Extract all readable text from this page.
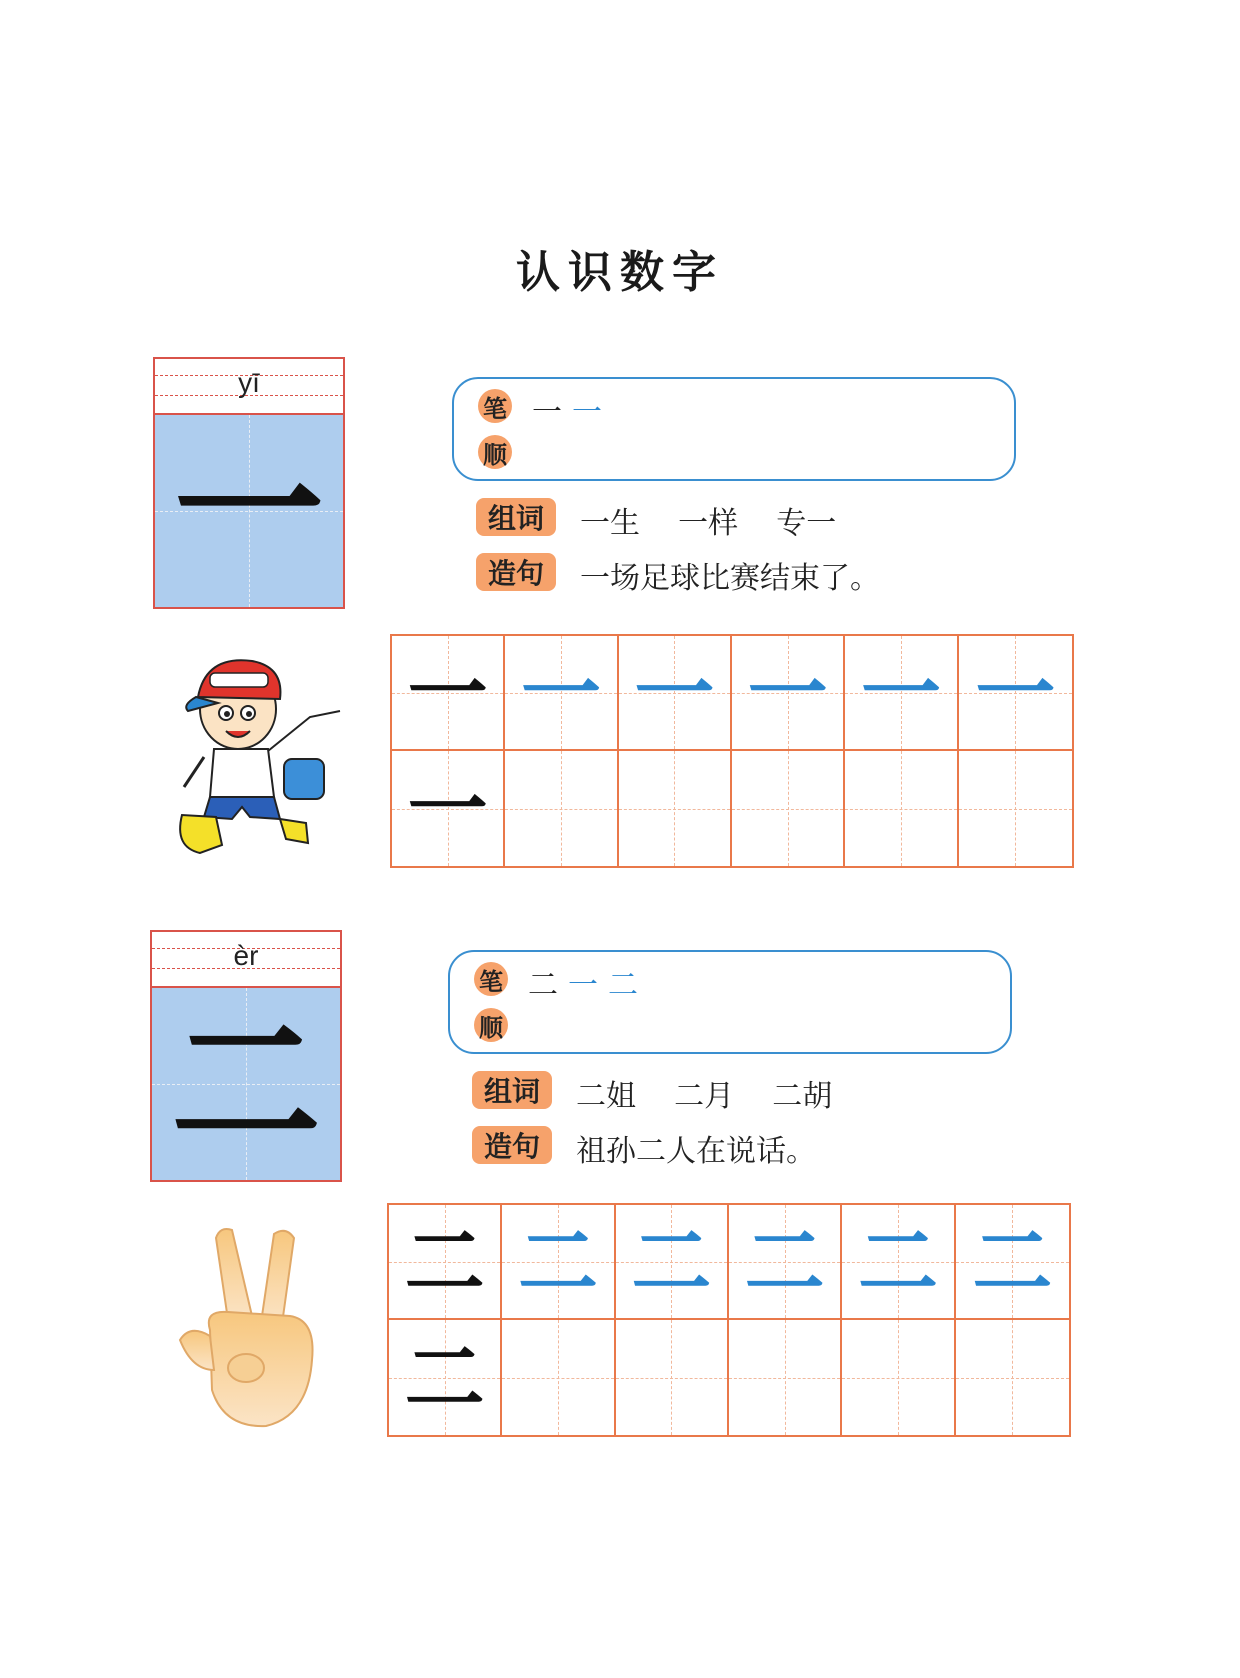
认识数字
yī
一
笔
顺
一一
组词	一生    一样    专一
造句	一场足球比赛结束了。
一 一 一 一 一 一
一
èr
二
笔
顺
二一二
组词	二姐    二月    二胡
造句	祖孙二人在说话。
二 二 二 二 二 二
二
